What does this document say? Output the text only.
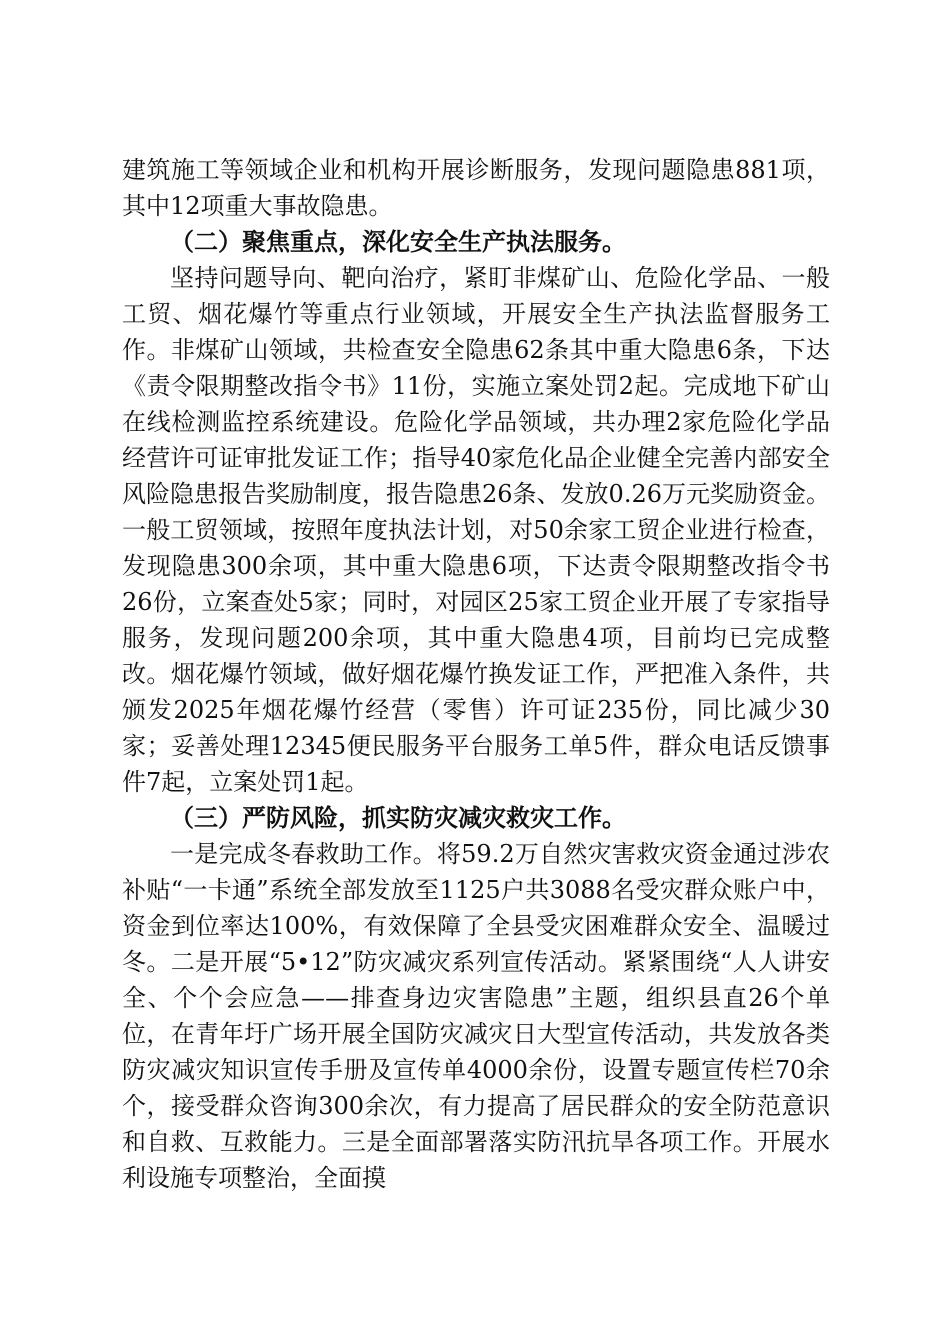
建筑施工等领域企业和机构开展诊断服务，发现问题隐患881项，其中12项重大事故隐患。

（二）聚焦重点，深化安全生产执法服务。

坚持问题导向、靶向治疗，紧盯非煤矿山、危险化学品、一般工贸、烟花爆竹等重点行业领域，开展安全生产执法监督服务工作。非煤矿山领域，共检查安全隐患62条其中重大隐患6条，下达《责令限期整改指令书》11份，实施立案处罚2起。完成地下矿山在线检测监控系统建设。危险化学品领域，共办理2家危险化学品经营许可证审批发证工作；指导40家危化品企业健全完善内部安全风险隐患报告奖励制度，报告隐患26条、发放0.26万元奖励资金。一般工贸领域，按照年度执法计划，对50余家工贸企业进行检查，发现隐患300余项，其中重大隐患6项，下达责令限期整改指令书26份，立案查处5家；同时，对园区25家工贸企业开展了专家指导服务，发现问题200余项，其中重大隐患4项，目前均已完成整改。烟花爆竹领域，做好烟花爆竹换发证工作，严把准入条件，共颁发2025年烟花爆竹经营（零售）许可证235份，同比减少30家；妥善处理12345便民服务平台服务工单5件，群众电话反馈事件7起，立案处罚1起。

（三）严防风险，抓实防灾减灾救灾工作。

一是完成冬春救助工作。将59.2万自然灾害救灾资金通过涉农补贴“一卡通”系统全部发放至1125户共3088名受灾群众账户中，资金到位率达100%，有效保障了全县受灾困难群众安全、温暖过冬。二是开展“5•12”防灾减灾系列宣传活动。紧紧围绕“人人讲安全、个个会应急——排查身边灾害隐患”主题，组织县直26个单位，在青年圩广场开展全国防灾减灾日大型宣传活动，共发放各类防灾减灾知识宣传手册及宣传单4000余份，设置专题宣传栏70余个，接受群众咨询300余次，有力提高了居民群众的安全防范意识和自救、互救能力。三是全面部署落实防汛抗旱各项工作。开展水利设施专项整治，全面摸
